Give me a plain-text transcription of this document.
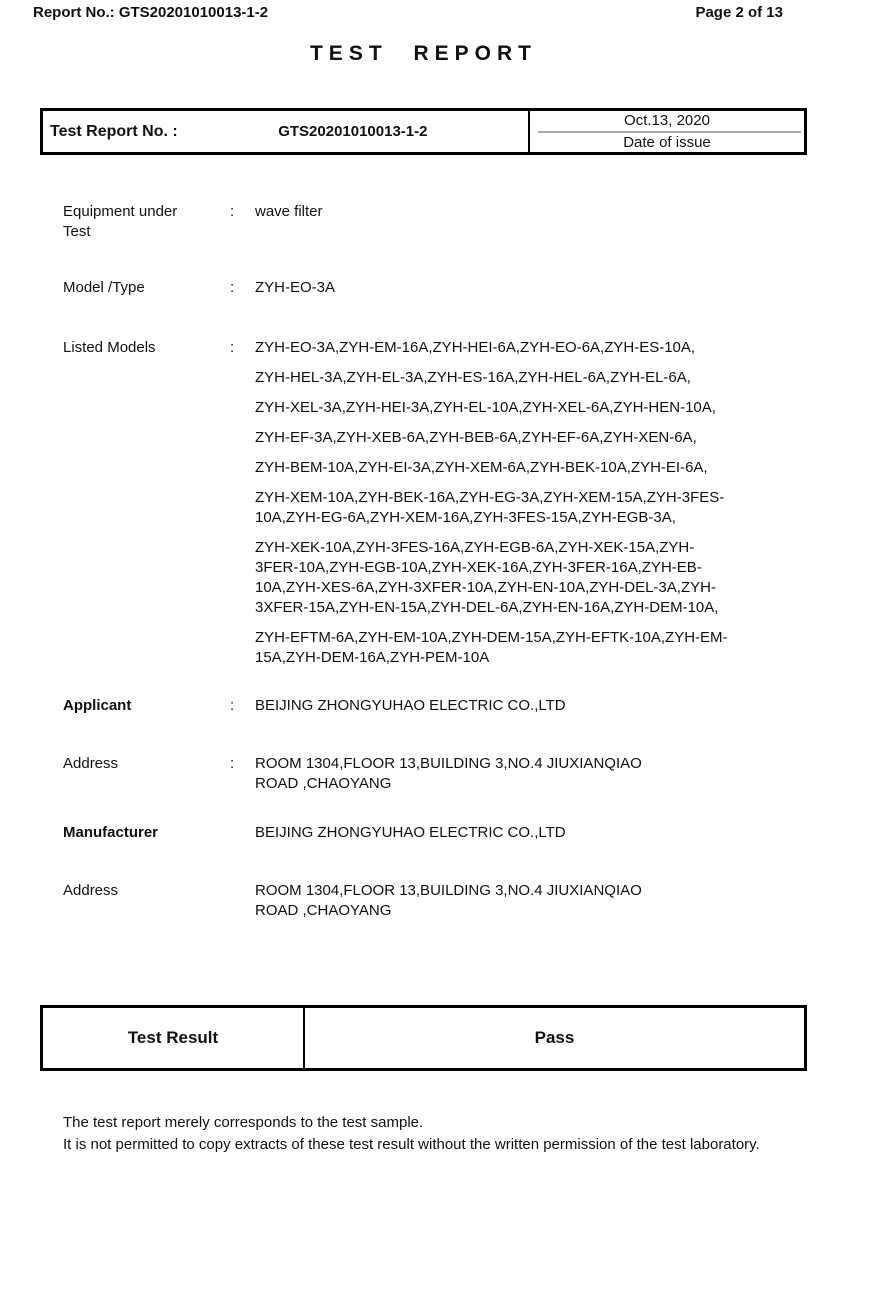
Report No.: GTS20201010013-1-2	Page 2 of 13
TEST REPORT
Test Report No. :	GTS20201010013-1-2
Oct.13, 2020
Date of issue
Equipment under Test
:	wave filter
Model /Type	:	ZYH-EO-3A
Listed Models	:	ZYH-EO-3A,ZYH-EM-16A,ZYH-HEI-6A,ZYH-EO-6A,ZYH-ES-10A,
ZYH-HEL-3A,ZYH-EL-3A,ZYH-ES-16A,ZYH-HEL-6A,ZYH-EL-6A,
ZYH-XEL-3A,ZYH-HEI-3A,ZYH-EL-10A,ZYH-XEL-6A,ZYH-HEN-10A,
ZYH-EF-3A,ZYH-XEB-6A,ZYH-BEB-6A,ZYH-EF-6A,ZYH-XEN-6A,
ZYH-BEM-10A,ZYH-EI-3A,ZYH-XEM-6A,ZYH-BEK-10A,ZYH-EI-6A,
ZYH-XEM-10A,ZYH-BEK-16A,ZYH-EG-3A,ZYH-XEM-15A,ZYH-3FES-
10A,ZYH-EG-6A,ZYH-XEM-16A,ZYH-3FES-15A,ZYH-EGB-3A,
ZYH-XEK-10A,ZYH-3FES-16A,ZYH-EGB-6A,ZYH-XEK-15A,ZYH-
3FER-10A,ZYH-EGB-10A,ZYH-XEK-16A,ZYH-3FER-16A,ZYH-EB-
10A,ZYH-XES-6A,ZYH-3XFER-10A,ZYH-EN-10A,ZYH-DEL-3A,ZYH-
3XFER-15A,ZYH-EN-15A,ZYH-DEL-6A,ZYH-EN-16A,ZYH-DEM-10A,
ZYH-EFTM-6A,ZYH-EM-10A,ZYH-DEM-15A,ZYH-EFTK-10A,ZYH-EM-
15A,ZYH-DEM-16A,ZYH-PEM-10A
Applicant	:	BEIJING ZHONGYUHAO ELECTRIC CO.,LTD
Address	:	ROOM 1304,FLOOR 13,BUILDING 3,NO.4 JIUXIANQIAO
ROAD ,CHAOYANG
Manufacturer	BEIJING ZHONGYUHAO ELECTRIC CO.,LTD
Address	ROOM 1304,FLOOR 13,BUILDING 3,NO.4 JIUXIANQIAO
ROAD ,CHAOYANG
Test Result	Pass

The test report merely corresponds to the test sample.

It is not permitted to copy extracts of these test result without the written permission of the test laboratory.
